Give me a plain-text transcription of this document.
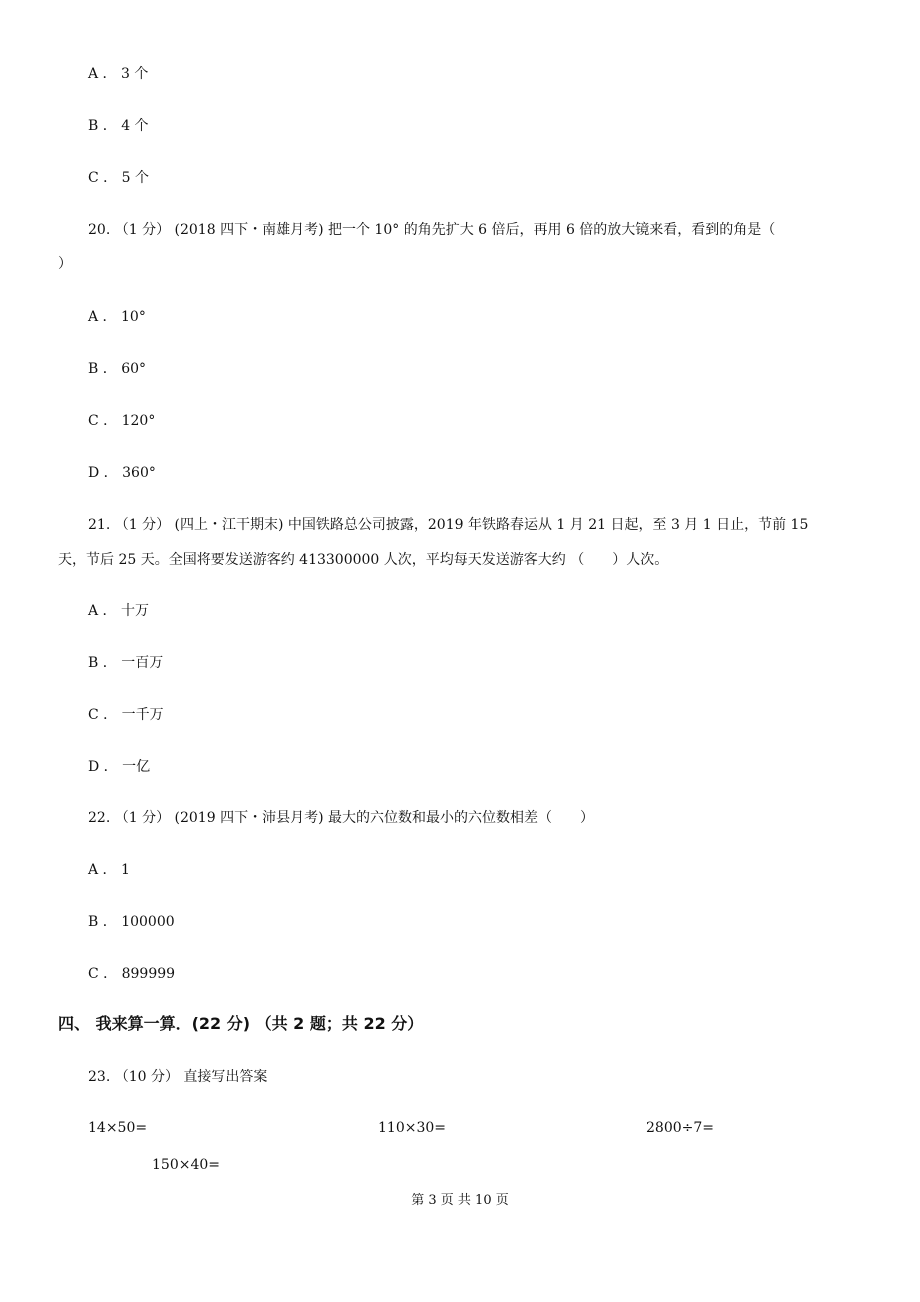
A ． 3 个
B ． 4 个
C ． 5 个
20. （1 分） (2018 四下・南雄月考) 把一个 10° 的角先扩大 6 倍后，再用 6 倍的放大镜来看，看到的角是（
）
A ． 10°
B ． 60°
C ． 120°
D ． 360°
21. （1 分） (四上・江干期末) 中国铁路总公司披露，2019 年铁路春运从 1 月 21 日起，至 3 月 1 日止，节前 15
天，节后 25 天。全国将要发送游客约 413300000 人次，平均每天发送游客大约 （　　）人次。
A ． 十万
B ． 一百万
C ． 一千万
D ． 一亿
22. （1 分） (2019 四下・沛县月考) 最大的六位数和最小的六位数相差（　　）
A ． 1
B ． 100000
C ． 899999
四、 我来算一算．(22 分) （共 2 题；共 22 分）
23. （10 分） 直接写出答案
14×50=	110×30=	2800÷7=
150×40=
第 3 页 共 10 页
